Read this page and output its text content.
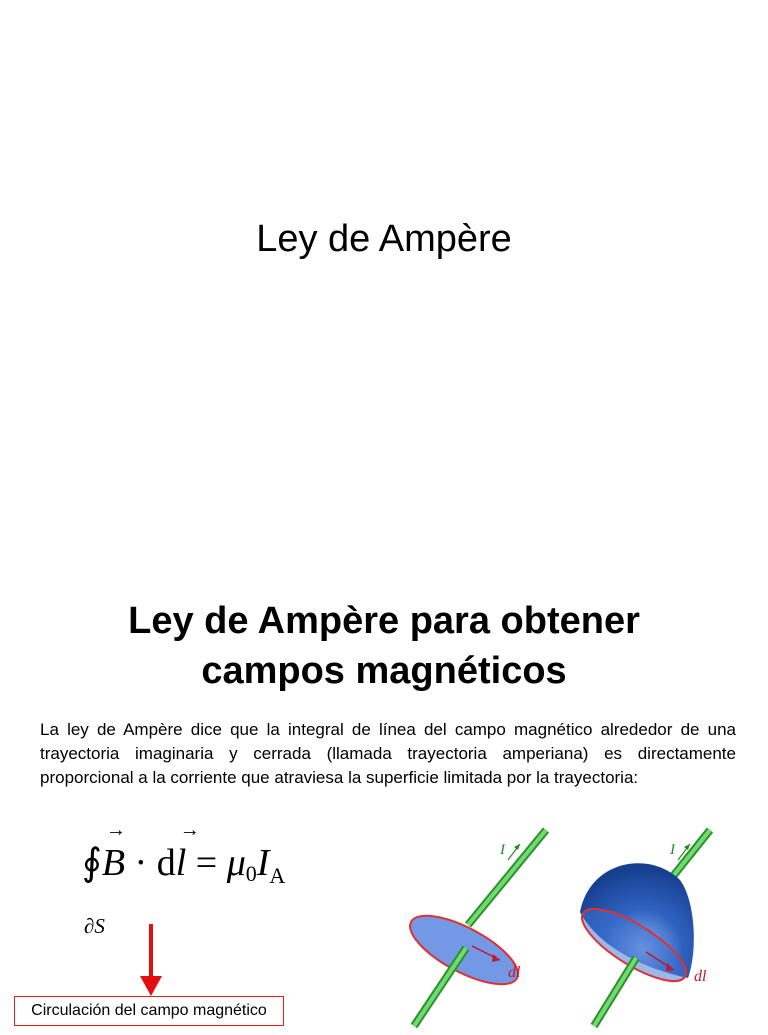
Ley de Ampère
Ley de Ampère para obtener
campos magnéticos
La ley de Ampère dice que la integral de línea del campo magnético alrededor de una trayectoria imaginaria y cerrada (llamada trayectoria amperiana) es directamente proporcional a la corriente que atraviesa la superficie limitada por la trayectoria:
∮
→
B · d
→
$l = \mu 0I_A$
∂S
Circulación del campo magnético
I
dl⃗
I
dl⃗
